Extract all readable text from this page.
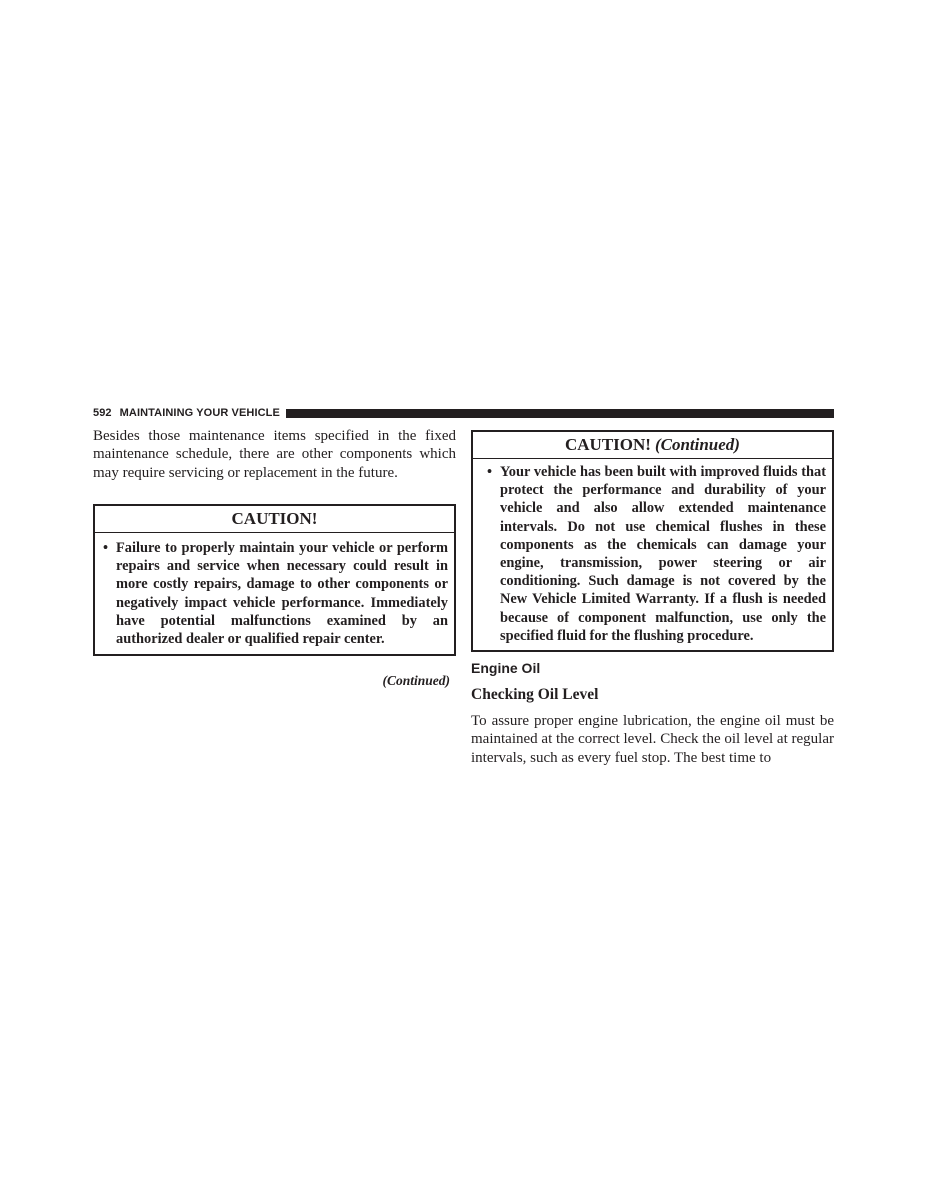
592 MAINTAINING YOUR VEHICLE

Besides those maintenance items specified in the fixed maintenance schedule, there are other components which may require servicing or replacement in the future.

CAUTION!
• Failure to properly maintain your vehicle or perform repairs and service when necessary could result in more costly repairs, damage to other components or negatively impact vehicle performance. Immediately have potential malfunctions examined by an authorized dealer or qualified repair center.
(Continued)
CAUTION! (Continued)
• Your vehicle has been built with improved fluids that protect the performance and durability of your vehicle and also allow extended maintenance intervals. Do not use chemical flushes in these components as the chemicals can damage your engine, transmission, power steering or air conditioning. Such damage is not covered by the New Vehicle Limited Warranty. If a flush is needed because of component malfunction, use only the specified fluid for the flushing procedure.
Engine Oil
Checking Oil Level

To assure proper engine lubrication, the engine oil must be maintained at the correct level. Check the oil level at regular intervals, such as every fuel stop. The best time to
